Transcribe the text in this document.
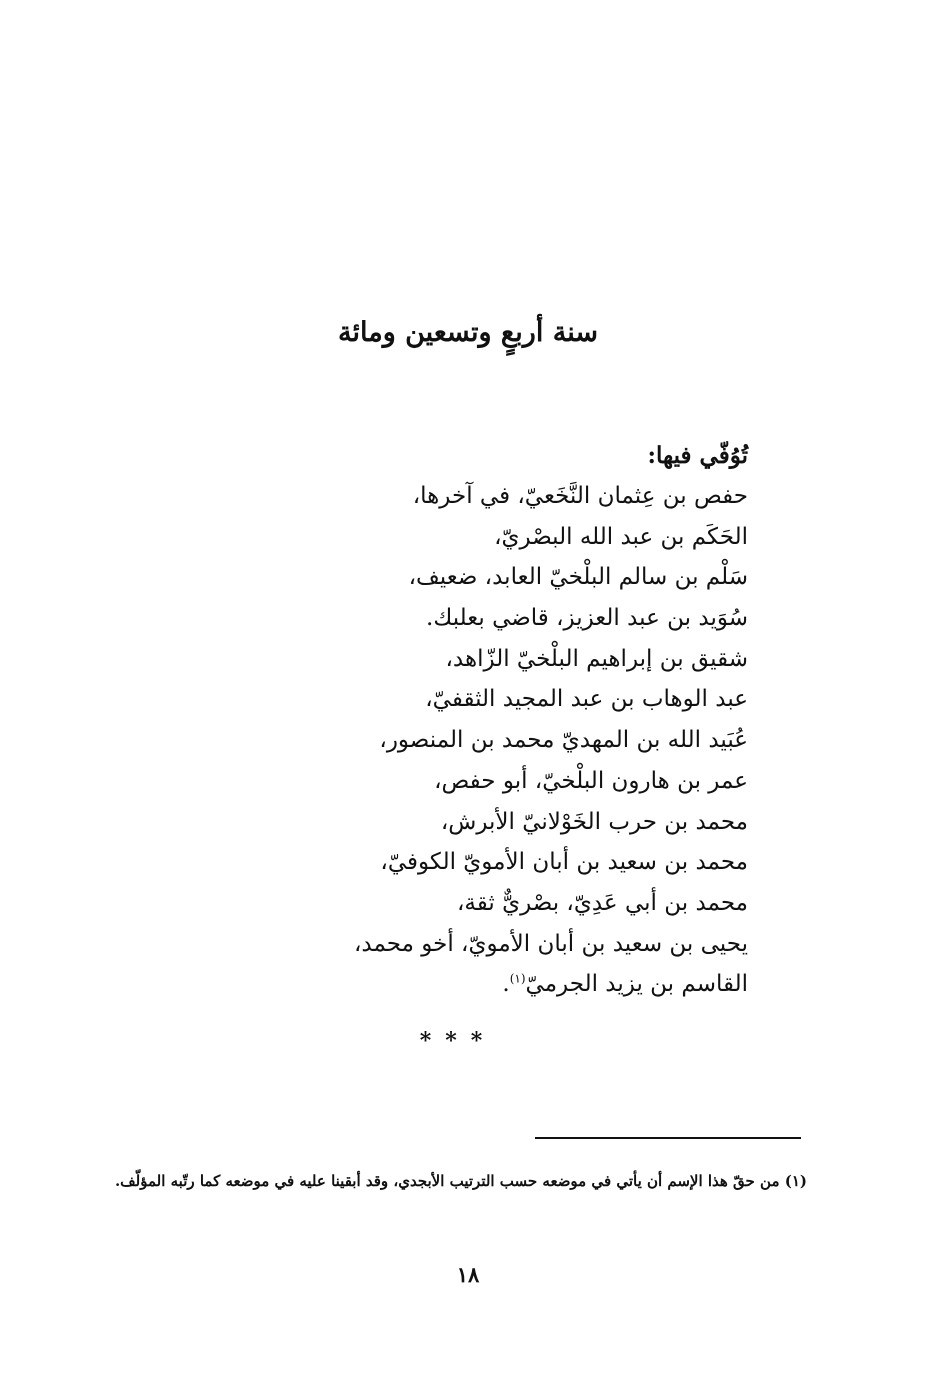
سنة أربعٍ وتسعين ومائة
تُوُفّي فيها:
حفص بن عِثمان النَّخَعيّ، في آخرها،
الحَكَم بن عبد الله البصْريّ،
سَلْم بن سالم البلْخيّ العابد، ضعيف،
سُوَيد بن عبد العزيز، قاضي بعلبك.
شقيق بن إبراهيم البلْخيّ الزّاهد،
عبد الوهاب بن عبد المجيد الثقفيّ،
عُبَيد الله بن المهديّ محمد بن المنصور،
عمر بن هارون البلْخيّ، أبو حفص،
محمد بن حرب الخَوْلانيّ الأبرش،
محمد بن سعيد بن أبان الأمويّ الكوفيّ،
محمد بن أبي عَدِيّ، بصْريٌّ ثقة،
يحيى بن سعيد بن أبان الأمويّ، أخو محمد،
القاسم بن يزيد الجرميّ$^{(١)}$.
***
(١) من حقّ هذا الإسم أن يأتي في موضعه حسب الترتيب الأبجدي، وقد أبقينا عليه في موضعه كما رتّبه المؤلّف.
١٨
